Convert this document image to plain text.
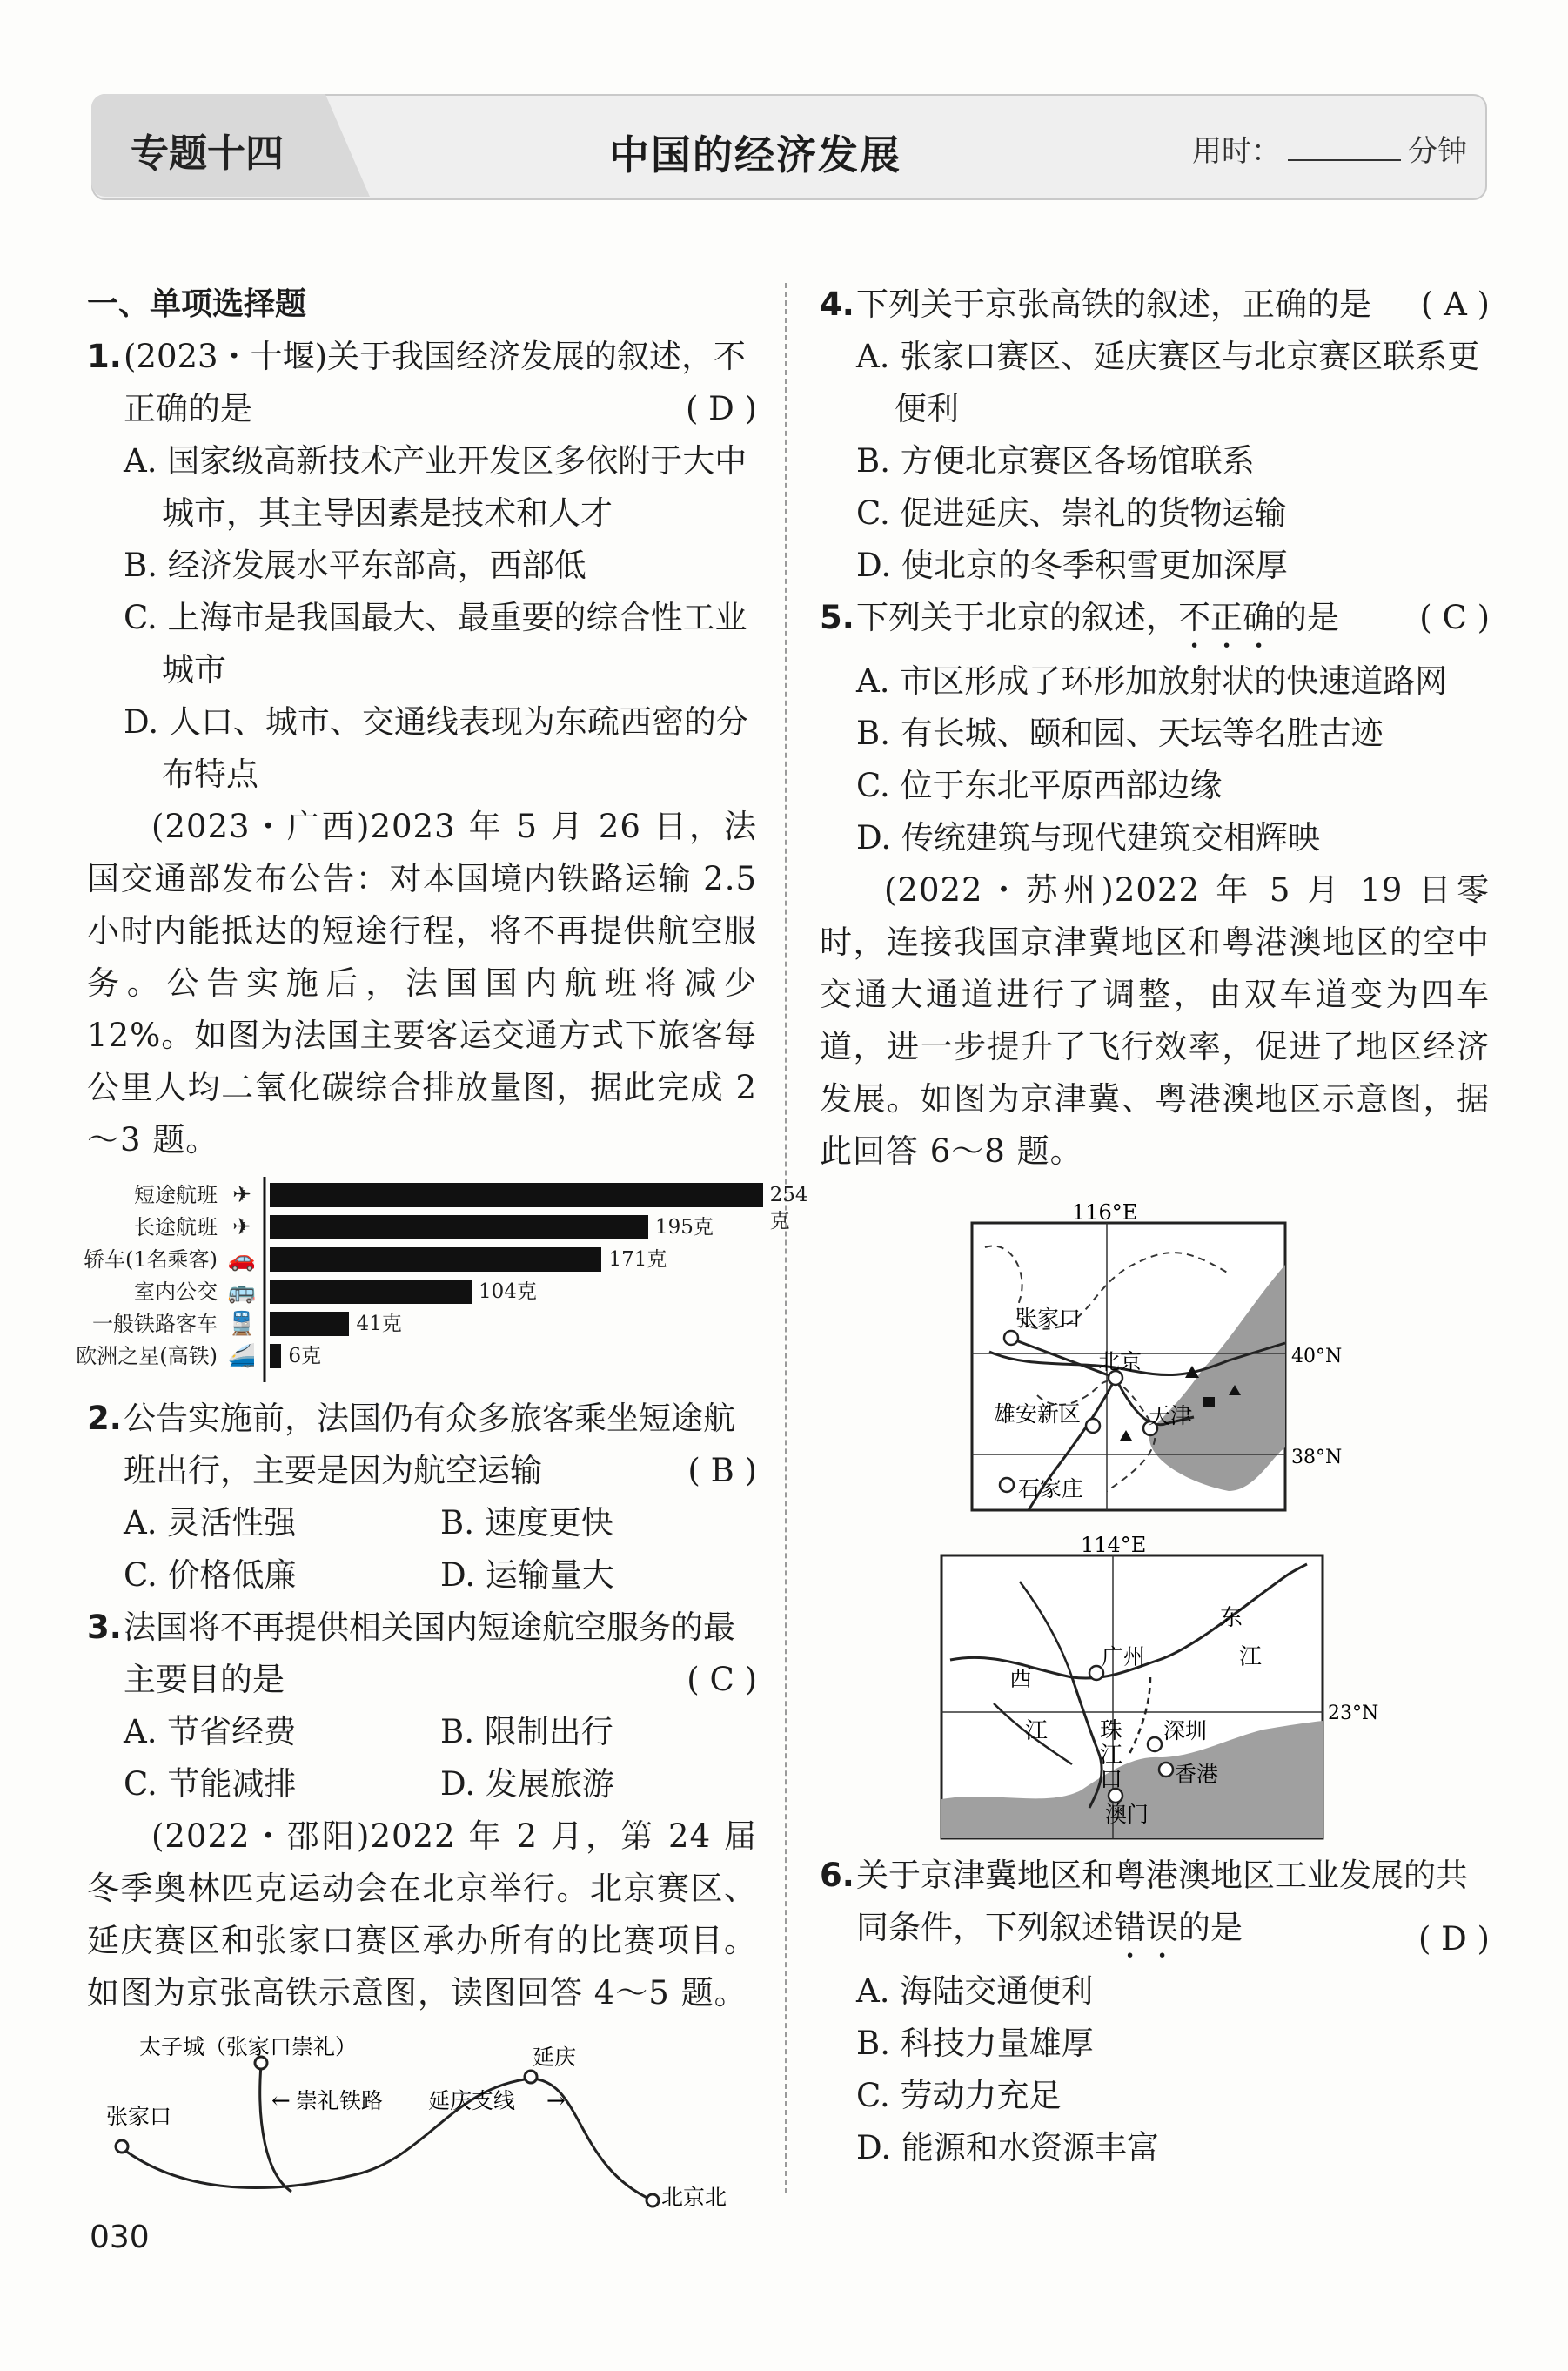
专题十四	中国的经济发展	用时：	分钟
一、单项选择题
1. (2023・十堰)关于我国经济发展的叙述，不正确的是	( D )
A. 国家级高新技术产业开发区多依附于大中城市，其主导因素是技术和人才
B. 经济发展水平东部高，西部低
C. 上海市是我国最大、最重要的综合性工业城市
D. 人口、城市、交通线表现为东疏西密的分布特点
(2023・广西)2023 年 5 月 26 日，法国交通部发布公告：对本国境内铁路运输 2.5 小时内能抵达的短途行程，将不再提供航空服务。公告实施后，法国国内航班将减少 12%。如图为法国主要客运交通方式下旅客每公里人均二氧化碳综合排放量图，据此完成 2～3 题。
短途航班 ✈	254克
长途航班 ✈	195克
轿车(1名乘客) 🚗	171克
室内公交 🚌	104克
一般铁路客车 🚆	41克
欧洲之星(高铁) 🚄 6克
2. 公告实施前，法国仍有众多旅客乘坐短途航班出行，主要是因为航空运输	( B )
A. 灵活性强	B. 速度更快
C. 价格低廉	D. 运输量大
3. 法国将不再提供相关国内短途航空服务的最主要目的是	( C )
A. 节省经费	B. 限制出行
C. 节能减排	D. 发展旅游
(2022・邵阳)2022 年 2 月，第 24 届冬季奥林匹克运动会在北京举行。北京赛区、延庆赛区和张家口赛区承办所有的比赛项目。如图为京张高铁示意图，读图回答 4～5 题。
太子城（张家口崇礼）	延庆
张家口
北京北
← 崇礼铁路 延庆支线 →
4. 下列关于京张高铁的叙述，正确的是 ( A )
A. 张家口赛区、延庆赛区与北京赛区联系更便利
B. 方便北京赛区各场馆联系
C. 促进延庆、崇礼的货物运输
D. 使北京的冬季积雪更加深厚
5. 下列关于北京的叙述，不正确的是 ( C )
A. 市区形成了环形加放射状的快速道路网
B. 有长城、颐和园、天坛等名胜古迹
C. 位于东北平原西部边缘
D. 传统建筑与现代建筑交相辉映
(2022・苏州)2022 年 5 月 19 日零时，连接我国京津冀地区和粤港澳地区的空中交通大通道进行了调整，由双车道变为四车道，进一步提升了飞行效率，促进了地区经济发展。如图为京津冀、粤港澳地区示意图，据此回答 6～8 题。
116°E
40°N
38°N
张家口
北京
雄安新区	天津
石家庄
114°E
23°N
广州
深圳
香港
澳门
东
江
西
江 珠
江
口
6. 关于京津冀地区和粤港澳地区工业发展的共同条件，下列叙述错误的是	( D )
A. 海陆交通便利
B. 科技力量雄厚
C. 劳动力充足
D. 能源和水资源丰富
030
